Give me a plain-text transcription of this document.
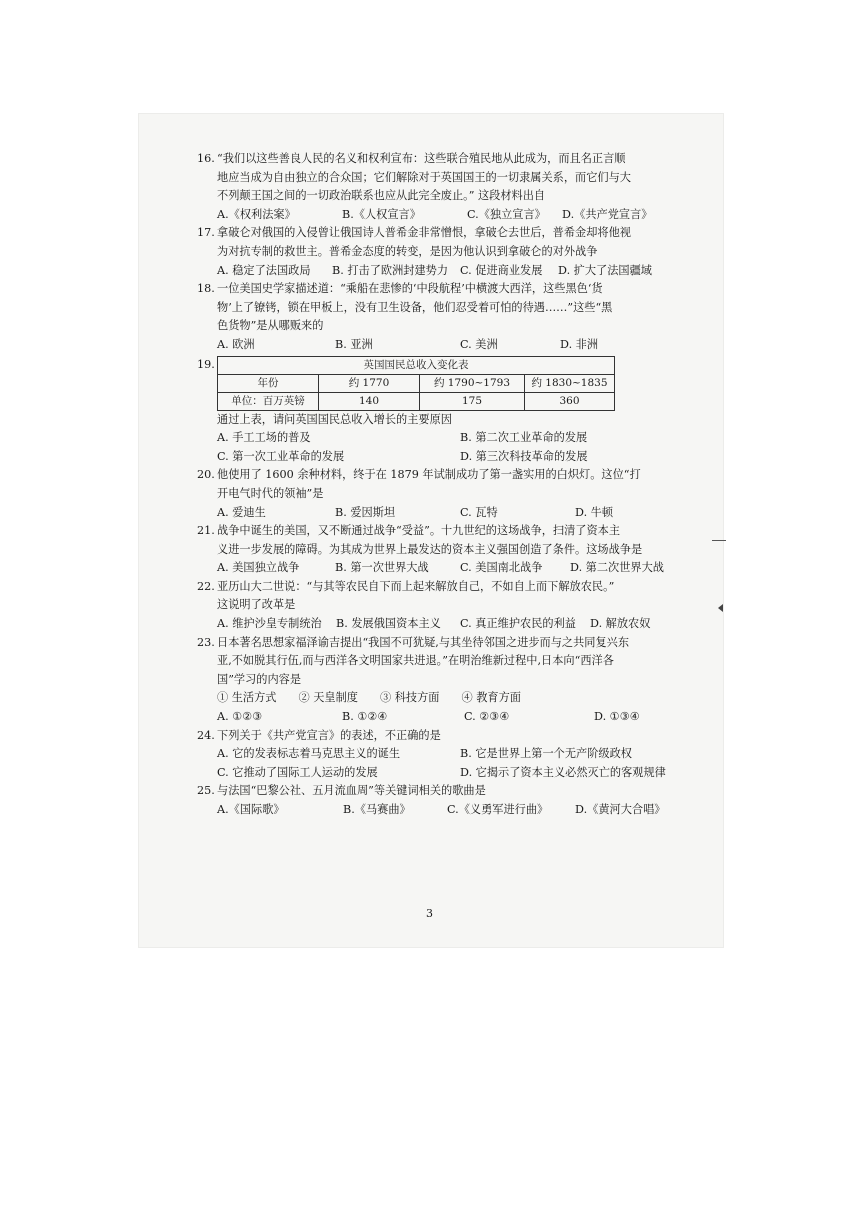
16. “我们以这些善良人民的名义和权利宣布：这些联合殖民地从此成为，而且名正言顺
地应当成为自由独立的合众国；它们解除对于英国国王的一切隶属关系，而它们与大
不列颠王国之间的一切政治联系也应从此完全废止。” 这段材料出自
A.《权利法案》	B.《人权宣言》	C.《独立宣言》	D.《共产党宣言》
17. 拿破仑对俄国的入侵曾让俄国诗人普希金非常憎恨，拿破仑去世后，普希金却将他视
为对抗专制的救世主。普希金态度的转变，是因为他认识到拿破仑的对外战争
A. 稳定了法国政局	B. 打击了欧洲封建势力	C. 促进商业发展	D. 扩大了法国疆域
18. 一位美国史学家描述道：“乘船在悲惨的‘中段航程’中横渡大西洋，这些黑色‘货
物’上了镣铐，锁在甲板上，没有卫生设备，他们忍受着可怕的待遇……”这些“黑
色货物”是从哪贩来的
A. 欧洲	B. 亚洲	C. 美洲	D. 非洲
19.	英国国民总收入变化表			
年份	约 1770	约 1790~1793	约 1830~1835
单位：百万英镑	140	175	360
通过上表，请问英国国民总收入增长的主要原因
A. 手工工场的普及	B. 第二次工业革命的发展
C. 第一次工业革命的发展	D. 第三次科技革命的发展
20. 他使用了 1600 余种材料，终于在 1879 年试制成功了第一盏实用的白炽灯。这位“打
开电气时代的领袖”是
A. 爱迪生	B. 爱因斯坦	C. 瓦特	D. 牛顿
21. 战争中诞生的美国，又不断通过战争“受益”。十九世纪的这场战争，扫清了资本主
义进一步发展的障碍。为其成为世界上最发达的资本主义强国创造了条件。这场战争是
A. 美国独立战争	B. 第一次世界大战	C. 美国南北战争	D. 第二次世界大战
22. 亚历山大二世说：“与其等农民自下而上起来解放自己，不如自上而下解放农民。”
这说明了改革是
A. 维护沙皇专制统治	B. 发展俄国资本主义	C. 真正维护农民的利益	D. 解放农奴
23. 日本著名思想家福泽谕吉提出“我国不可犹疑,与其坐待邻国之进步而与之共同复兴东
亚,不如脱其行伍,而与西洋各文明国家共进退。”在明治维新过程中,日本向“西洋各
国”学习的内容是
① 生活方式 ② 天皇制度 ③ 科技方面 ④ 教育方面
A. ①②③	B. ①②④	C. ②③④	D. ①③④
24. 下列关于《共产党宣言》的表述，不正确的是
A. 它的发表标志着马克思主义的诞生	B. 它是世界上第一个无产阶级政权
C. 它推动了国际工人运动的发展	D. 它揭示了资本主义必然灭亡的客观规律
25. 与法国“巴黎公社、五月流血周”等关键词相关的歌曲是
A.《国际歌》	B.《马赛曲》	C.《义勇军进行曲》	D.《黄河大合唱》
3
